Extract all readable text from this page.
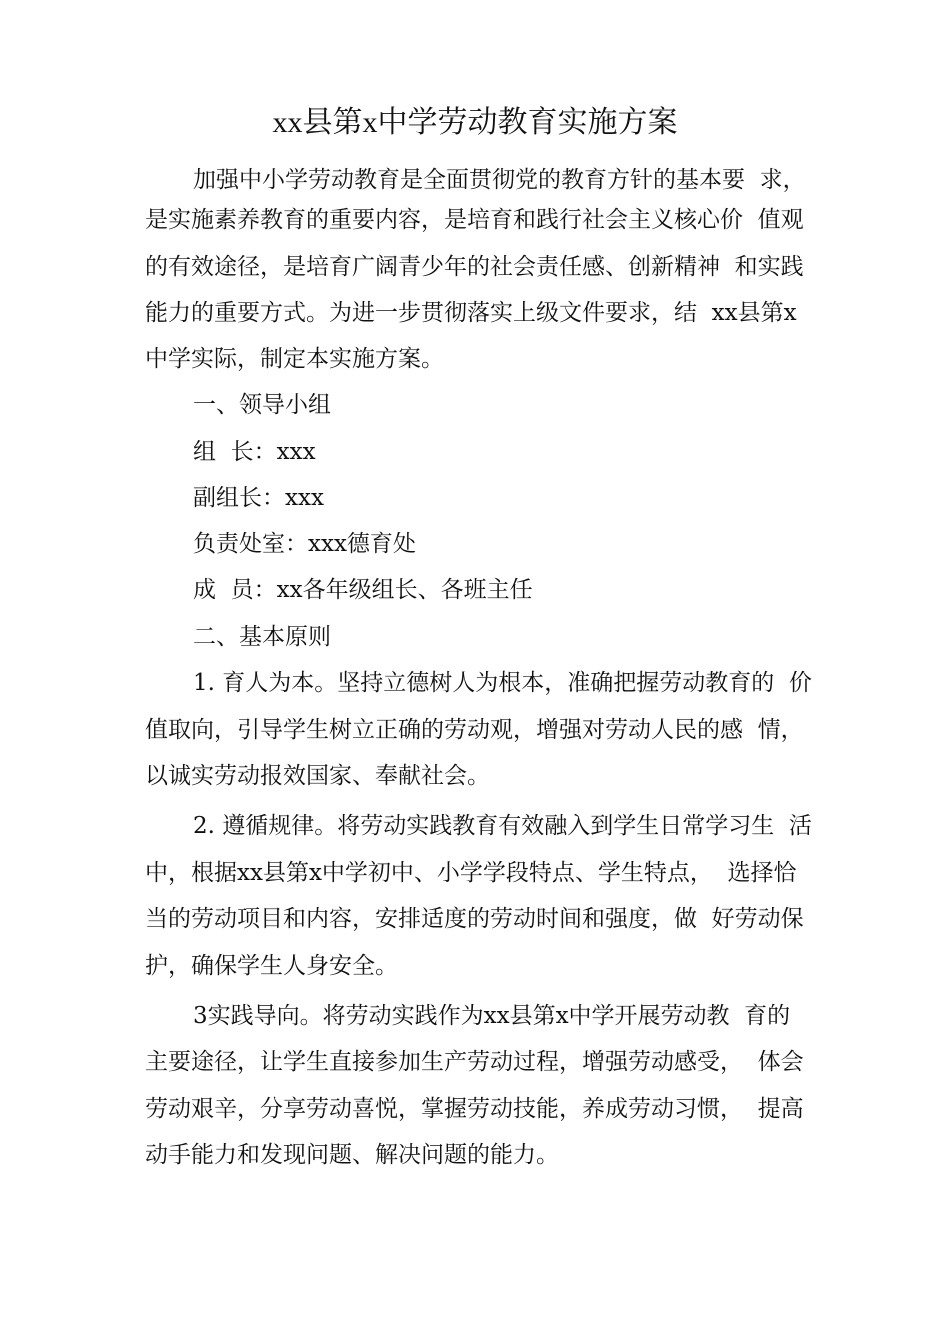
xx县第x中学劳动教育实施方案
加强中小学劳动教育是全面贯彻党的教育方针的基本要  求，
是实施素养教育的重要内容，是培育和践行社会主义核心价  值观
的有效途径，是培育广阔青少年的社会责任感、创新精神  和实践
能力的重要方式。为进一步贯彻落实上级文件要求，结  xx县第x
中学实际，制定本实施方案。
一、领导小组
组  长：xxx
副组长：xxx
负责处室：xxx德育处
成  员：xx各年级组长、各班主任
二、基本原则
1. 育人为本。坚持立德树人为根本，准确把握劳动教育的  价
值取向，引导学生树立正确的劳动观，增强对劳动人民的感  情，
以诚实劳动报效国家、奉献社会。
2. 遵循规律。将劳动实践教育有效融入到学生日常学习生  活
中，根据xx县第x中学初中、小学学段特点、学生特点，  选择恰
当的劳动项目和内容，安排适度的劳动时间和强度，做  好劳动保
护，确保学生人身安全。
3实践导向。将劳动实践作为xx县第x中学开展劳动教  育的
主要途径，让学生直接参加生产劳动过程，增强劳动感受，  体会
劳动艰辛，分享劳动喜悦，掌握劳动技能，养成劳动习惯，  提高
动手能力和发现问题、解决问题的能力。
